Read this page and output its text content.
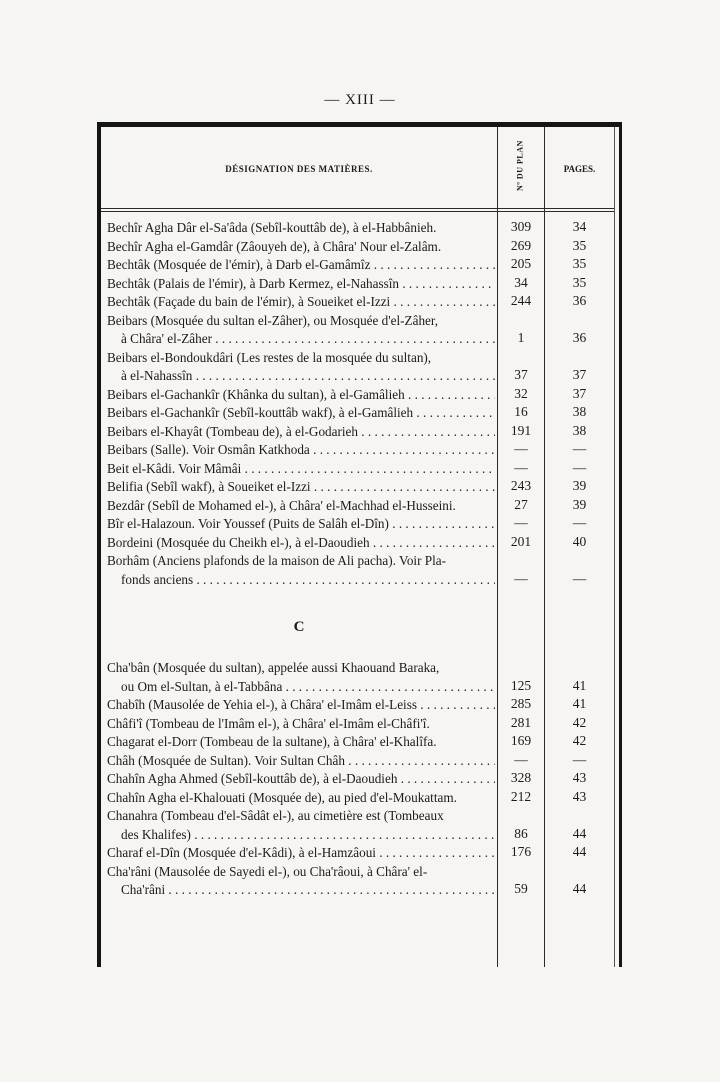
— XIII —
DÉSIGNATION DES MATIÈRES.	Nº DU PLAN	PAGES.
Bechîr Agha Dâr el-Sa'âda (Sebîl-kouttâb de), à el-Habbânieh.	309	34
Bechîr Agha el-Gamdâr (Zâouyeh de), à Châra' Nour el-Zalâm.	269	35
Bechtâk (Mosquée de l'émir), à Darb el-Gamâmîz . . .	205	35
Bechtâk (Palais de l'émir), à Darb Kermez, el-Nahassîn . . .	34	35
Bechtâk (Façade du bain de l'émir), à Soueiket el-Izzi . . .	244	36
Beibars (Mosquée du sultan el-Zâher), ou Mosquée d'el-Zâher,
à Châra' el-Zâher . . .	1	36
Beibars el-Bondoukdâri (Les restes de la mosquée du sultan),
à el-Nahassîn . . .	37	37
Beibars el-Gachankîr (Khânka du sultan), à el-Gamâlieh . . .	32	37
Beibars el-Gachankîr (Sebîl-kouttâb wakf), à el-Gamâlieh . . .	16	38
Beibars el-Khayât (Tombeau de), à el-Godarieh . . .	191	38
Beibars (Salle). Voir Osmân Katkhoda . . .	—	—
Beit el-Kâdi. Voir Mâmâi . . .	—	—
Belifia (Sebîl wakf), à Soueiket el-Izzi . . .	243	39
Bezdâr (Sebîl de Mohamed el-), à Châra' el-Machhad el-Husseini.	27	39
Bîr el-Halazoun. Voir Youssef (Puits de Salâh el-Dîn) . . .	—	—
Bordeini (Mosquée du Cheikh el-), à el-Daoudieh . . .	201	40
Borhâm (Anciens plafonds de la maison de Ali pacha). Voir Pla-
fonds anciens . . .	—	—
C
Cha'bân (Mosquée du sultan), appelée aussi Khaouand Baraka,
ou Om el-Sultan, à el-Tabbâna . . .	125	41
Chabîh (Mausolée de Yehia el-), à Châra' el-Imâm el-Leiss . . .	285	41
Châfi'î (Tombeau de l'Imâm el-), à Châra' el-Imâm el-Châfi'î.	281	42
Chagarat el-Dorr (Tombeau de la sultane), à Châra' el-Khalîfa.	169	42
Châh (Mosquée de Sultan). Voir Sultan Châh . . .	—	—
Chahîn Agha Ahmed (Sebîl-kouttâb de), à el-Daoudieh . . .	328	43
Chahîn Agha el-Khalouati (Mosquée de), au pied d'el-Moukattam.	212	43
Chanahra (Tombeau d'el-Sâdât el-), au cimetière est (Tombeaux
des Khalifes) . . .	86	44
Charaf el-Dîn (Mosquée d'el-Kâdi), à el-Hamzâoui . . .	176	44
Cha'râni (Mausolée de Sayedi el-), ou Cha'râoui, à Châra' el-
Cha'râni . . .	59	44
